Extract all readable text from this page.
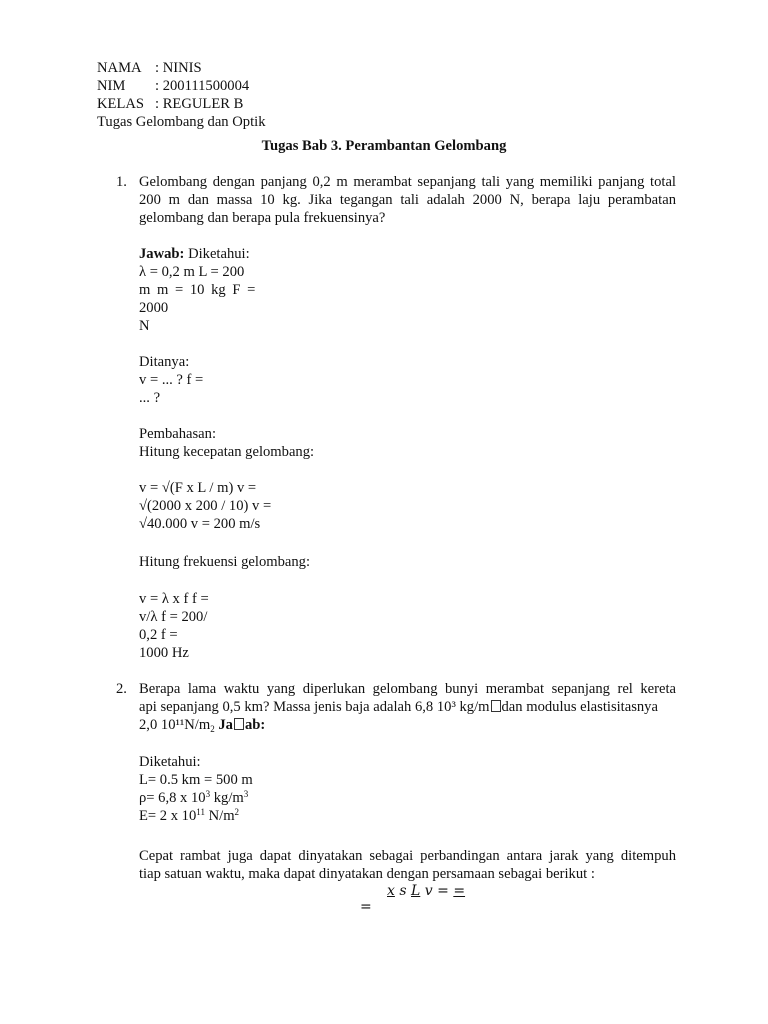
NAMA : NINIS
NIM : 200111500004
KELAS : REGULER B
Tugas Gelombang dan Optik
Tugas Bab 3. Perambantan Gelombang
1. Gelombang dengan panjang 0,2 m merambat sepanjang tali yang memiliki panjang total
200 m dan massa 10 kg. Jika tegangan tali adalah 2000 N, berapa laju perambatan
gelombang dan berapa pula frekuensinya?
Jawab: Diketahui:
λ = 0,2 m L = 200
m m = 10 kg F =
2000
N
Ditanya:
v = ... ? f =
... ?
Pembahasan:
Hitung kecepatan gelombang:
v = √(F x L / m) v =
√(2000 x 200 / 10) v =
√40.000 v = 200 m/s
Hitung frekuensi gelombang:
v = λ x f f =
v/λ f = 200/
0,2 f =
1000 Hz
2. Berapa lama waktu yang diperlukan gelombang bunyi merambat sepanjang rel kereta
api sepanjang 0,5 km? Massa jenis baja adalah 6,8 10³ kg/m dan modulus elastisitasnya
2,0 $10^{11}N/m_2$ Ja ab:
Diketahui:
L= 0.5 km = 500 m
ρ= 6,8 x $10^3$ $kg/m^3$
E= 2 x $10^{11}$ $N/m^2$
Cepat rambat juga dapat dinyatakan sebagai perbandingan antara jarak yang ditempuh
tiap satuan waktu, maka dapat dinyatakan dengan persamaan sebagai berikut :
x s L v = =
=
